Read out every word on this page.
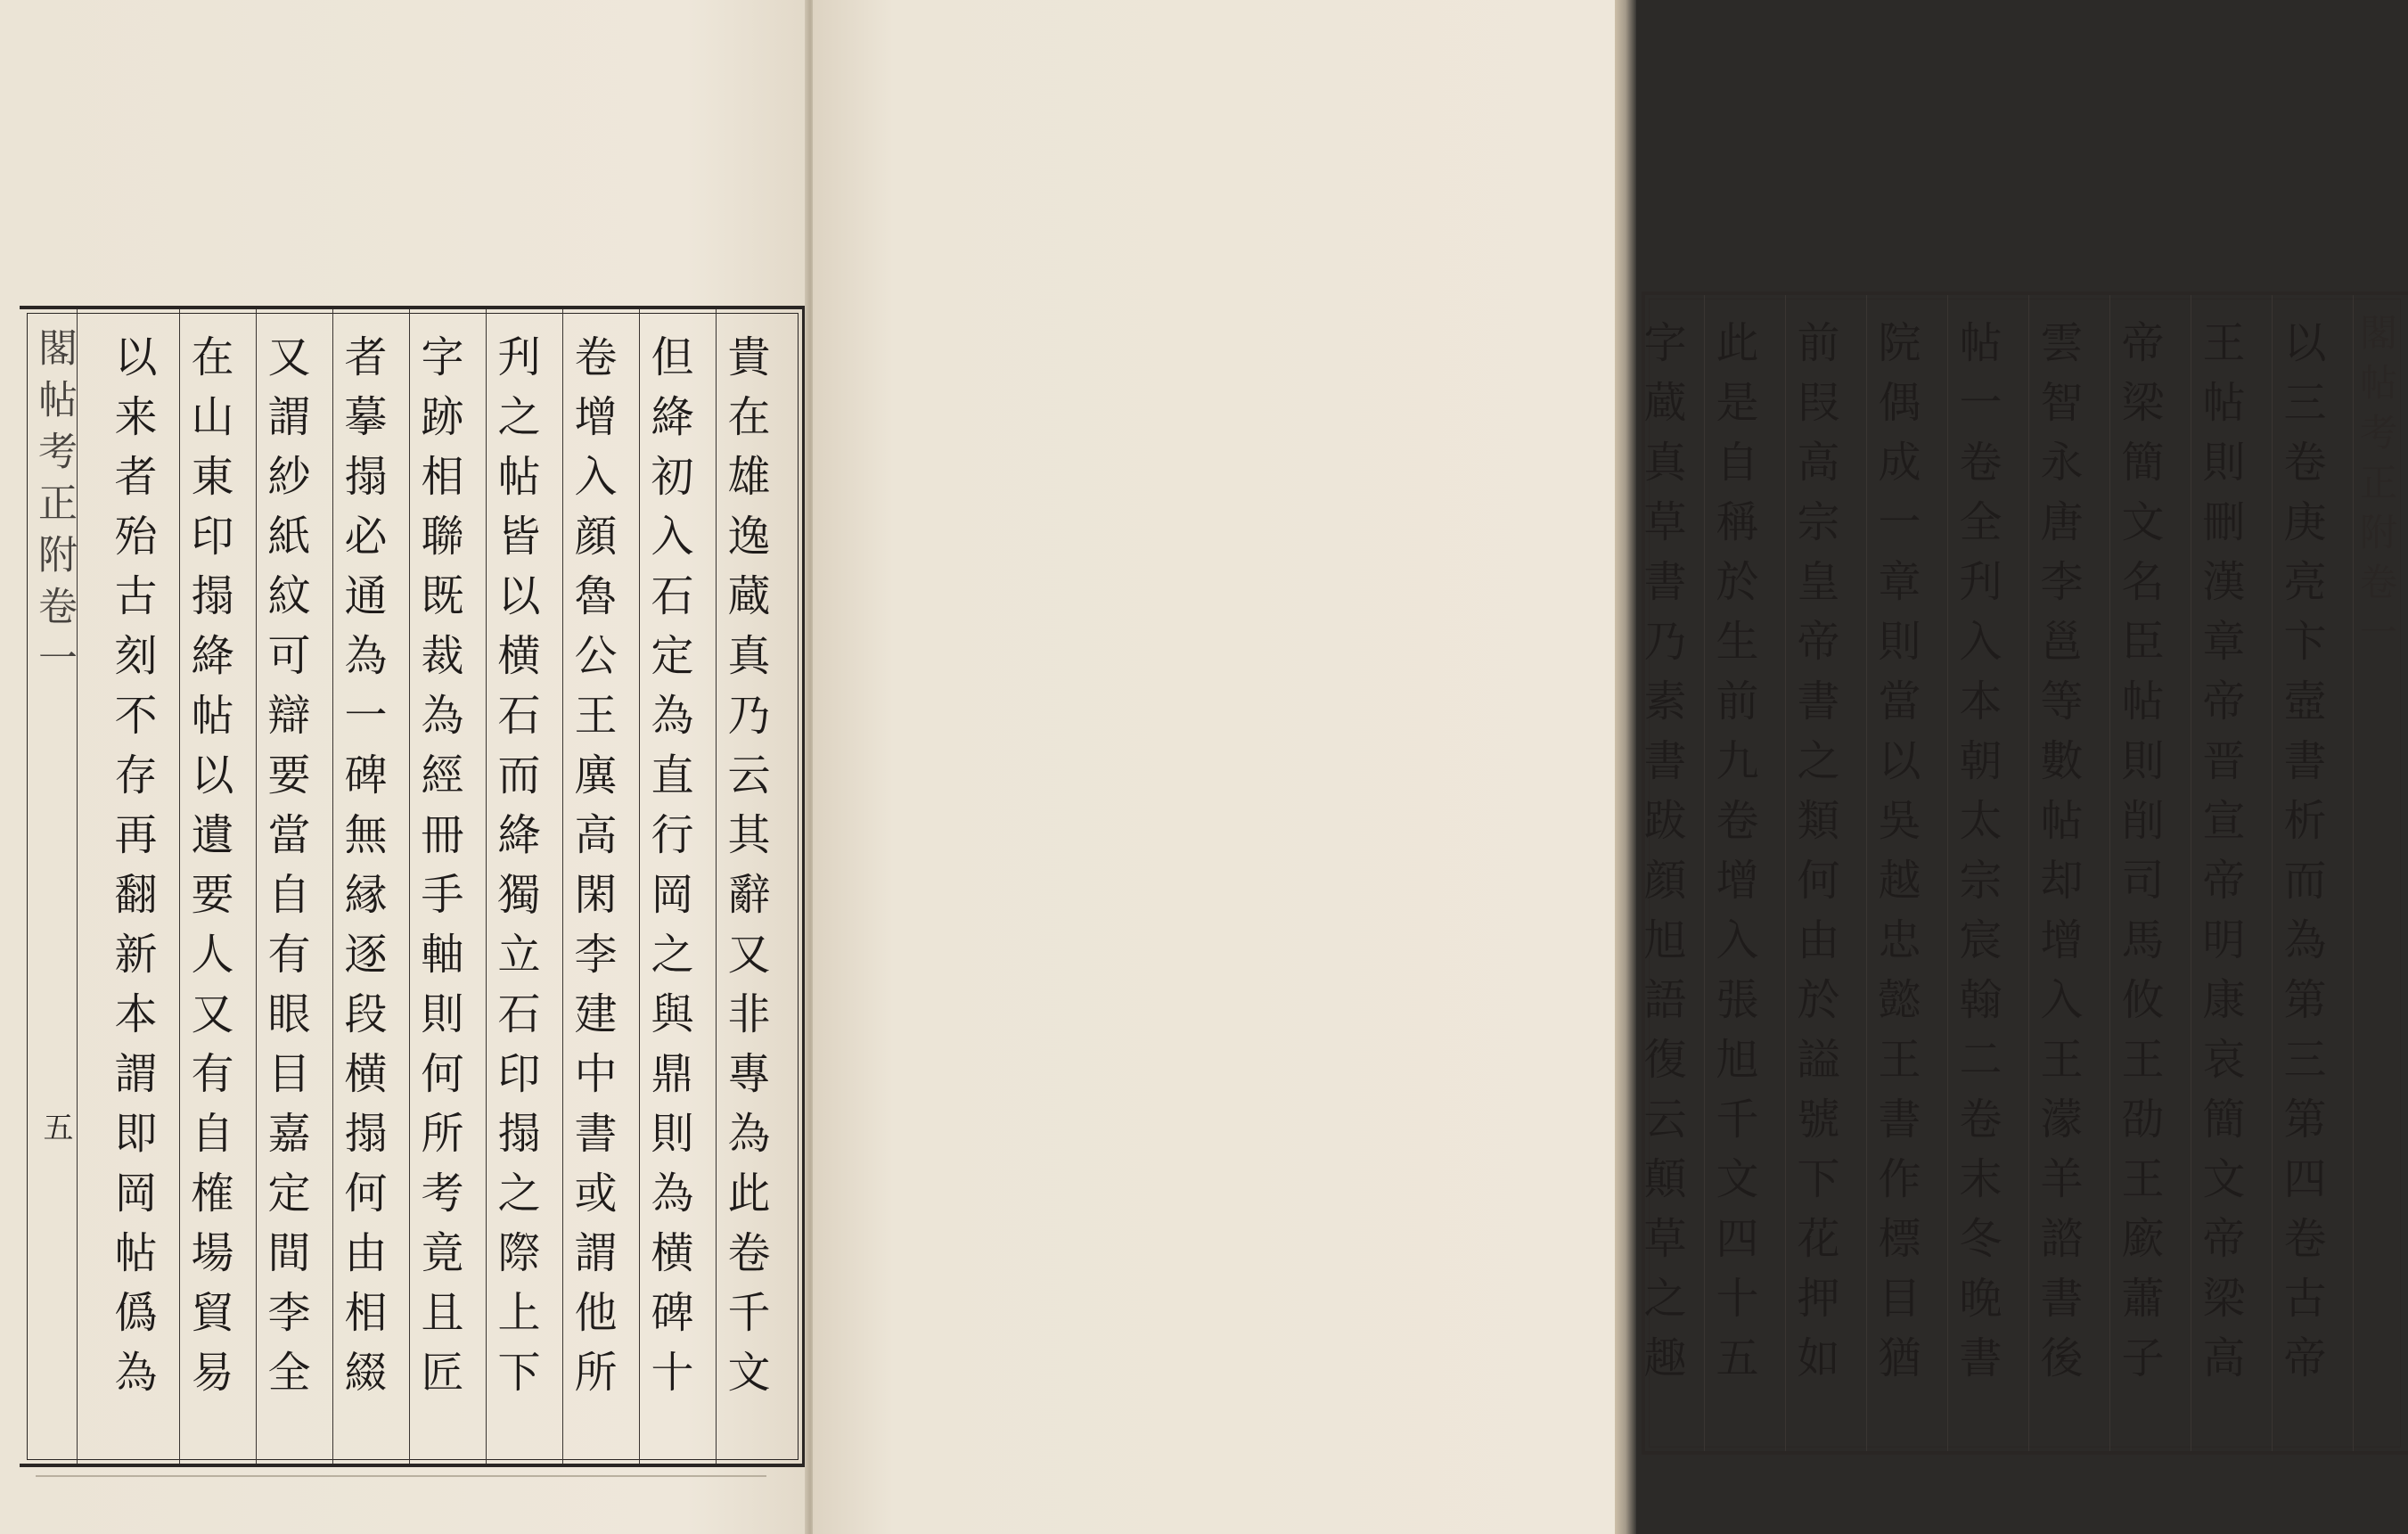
閣帖考正附卷一
五	貴在雄逸蔵真乃云其辭又非專為此卷千文
但絳初入石定為直行岡之與鼎則為横碑十
卷增入顔魯公王廙高閑李建中書或謂他所
刋之帖皆以横石而絳獨立石印搨之際上下
字跡相聯既裁為經冊手軸則何所考竟且匠
者摹搨必通為一碑無縁逐段横搨何由相綴
又謂紗紙紋可辯要當自有眼目嘉定間李全
在山東印搨絳帖以遺要人又有自榷場貿易
以来者殆古刻不存再翻新本謂即岡帖僞為	閣帖考正附卷一
以三卷庚亮卞壼書析而為第三第四卷古帝
王帖則刪漢章帝晋宣帝明康哀簡文帝梁高
帝梁簡文名臣帖則削司馬攸王劭王廞蕭子
雲智永唐李邕等數帖却增入王濛羊諮書後
帖一卷全刋入本朝太宗宸翰二卷末冬晚書
院偶成一章則當以吳越忠懿王書作標目猶
前叚高宗皇帝書之類何由於謚號下花押如
此是自稱於生前九卷增入張旭千文四十五
字蔵真草書乃素書跋顔旭語復云顛草之趣
